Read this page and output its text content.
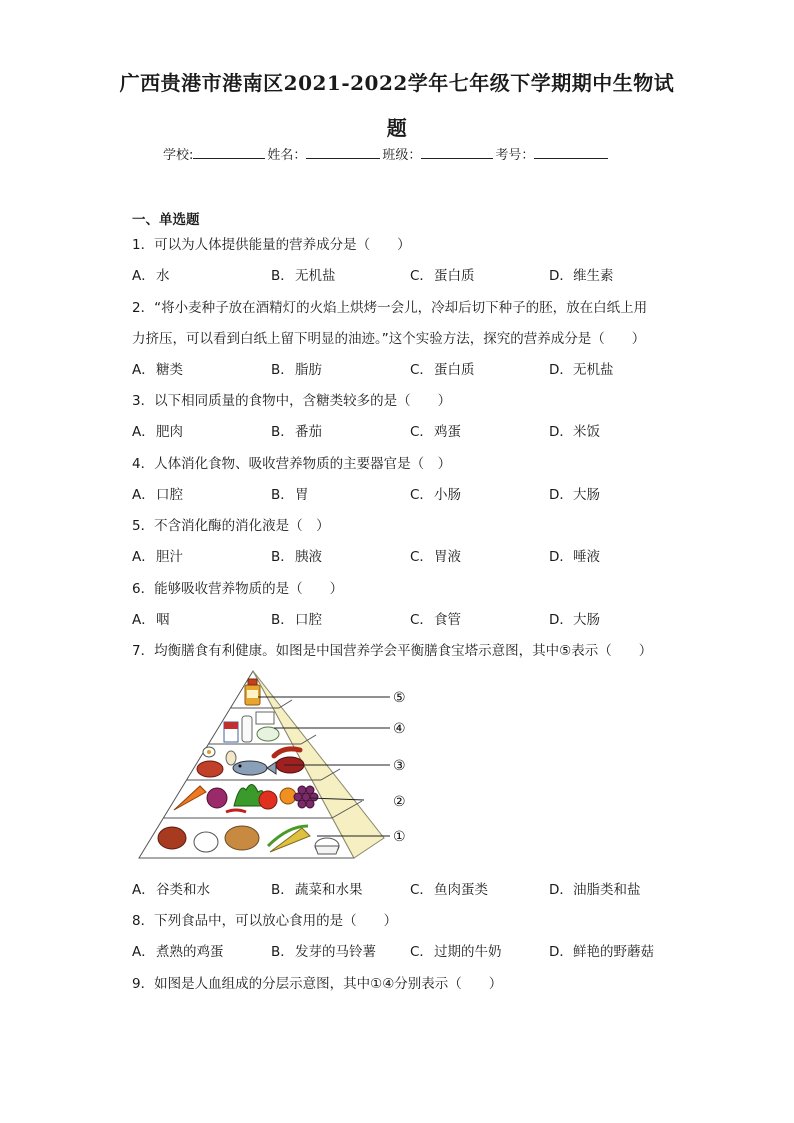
广西贵港市港南区2021-2022学年七年级下学期期中生物试
题
学校:	姓名：	班级：	考号：
一、单选题
1．可以为人体提供能量的营养成分是（　　）
A．水	B．无机盐	C．蛋白质	D．维生素
2．“将小麦种子放在酒精灯的火焰上烘烤一会儿，冷却后切下种子的胚，放在白纸上用
力挤压，可以看到白纸上留下明显的油迹。”这个实验方法，探究的营养成分是（　　）
A．糖类	B．脂肪	C．蛋白质	D．无机盐
3．以下相同质量的食物中，含糖类较多的是（　　）
A．肥肉	B．番茄	C．鸡蛋	D．米饭
4．人体消化食物、吸收营养物质的主要器官是（　）
A．口腔	B．胃	C．小肠	D．大肠
5．不含消化酶的消化液是（　）
A．胆汁	B．胰液	C．胃液	D．唾液
6．能够吸收营养物质的是（　　）
A．咽	B．口腔	C．食管	D．大肠
7．均衡膳食有利健康。如图是中国营养学会平衡膳食宝塔示意图，其中⑤表示（　　）
⑤
④
③
②
①
A．谷类和水	B．蔬菜和水果	C．鱼肉蛋类	D．油脂类和盐
8．下列食品中，可以放心食用的是（　　）
A．煮熟的鸡蛋	B．发芽的马铃薯	C．过期的牛奶	D．鲜艳的野蘑菇
9．如图是人血组成的分层示意图，其中①④分别表示（　　）
